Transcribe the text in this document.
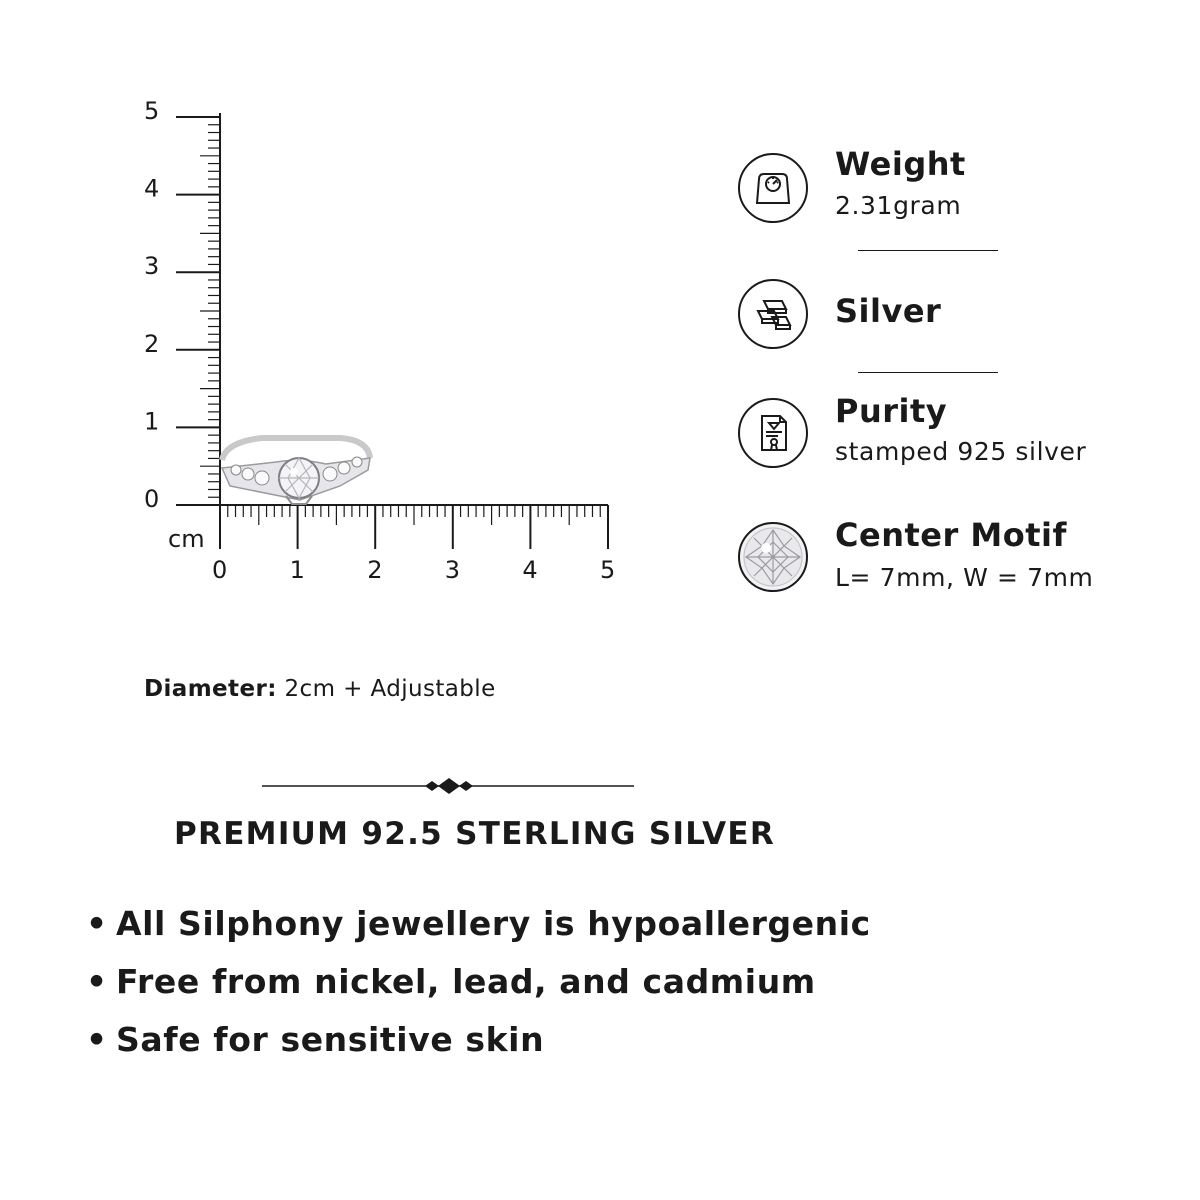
0
1
2
3
4
5
0	1	2	3	4	5
cm
Weight
2.31gram
Silver
Purity
stamped 925 silver
Center Motif
L= 7mm, W = 7mm
Diameter: 2cm + Adjustable
PREMIUM 92.5 STERLING SILVER
• All Silphony jewellery is hypoallergenic
• Free from nickel, lead, and cadmium
• Safe for sensitive skin
